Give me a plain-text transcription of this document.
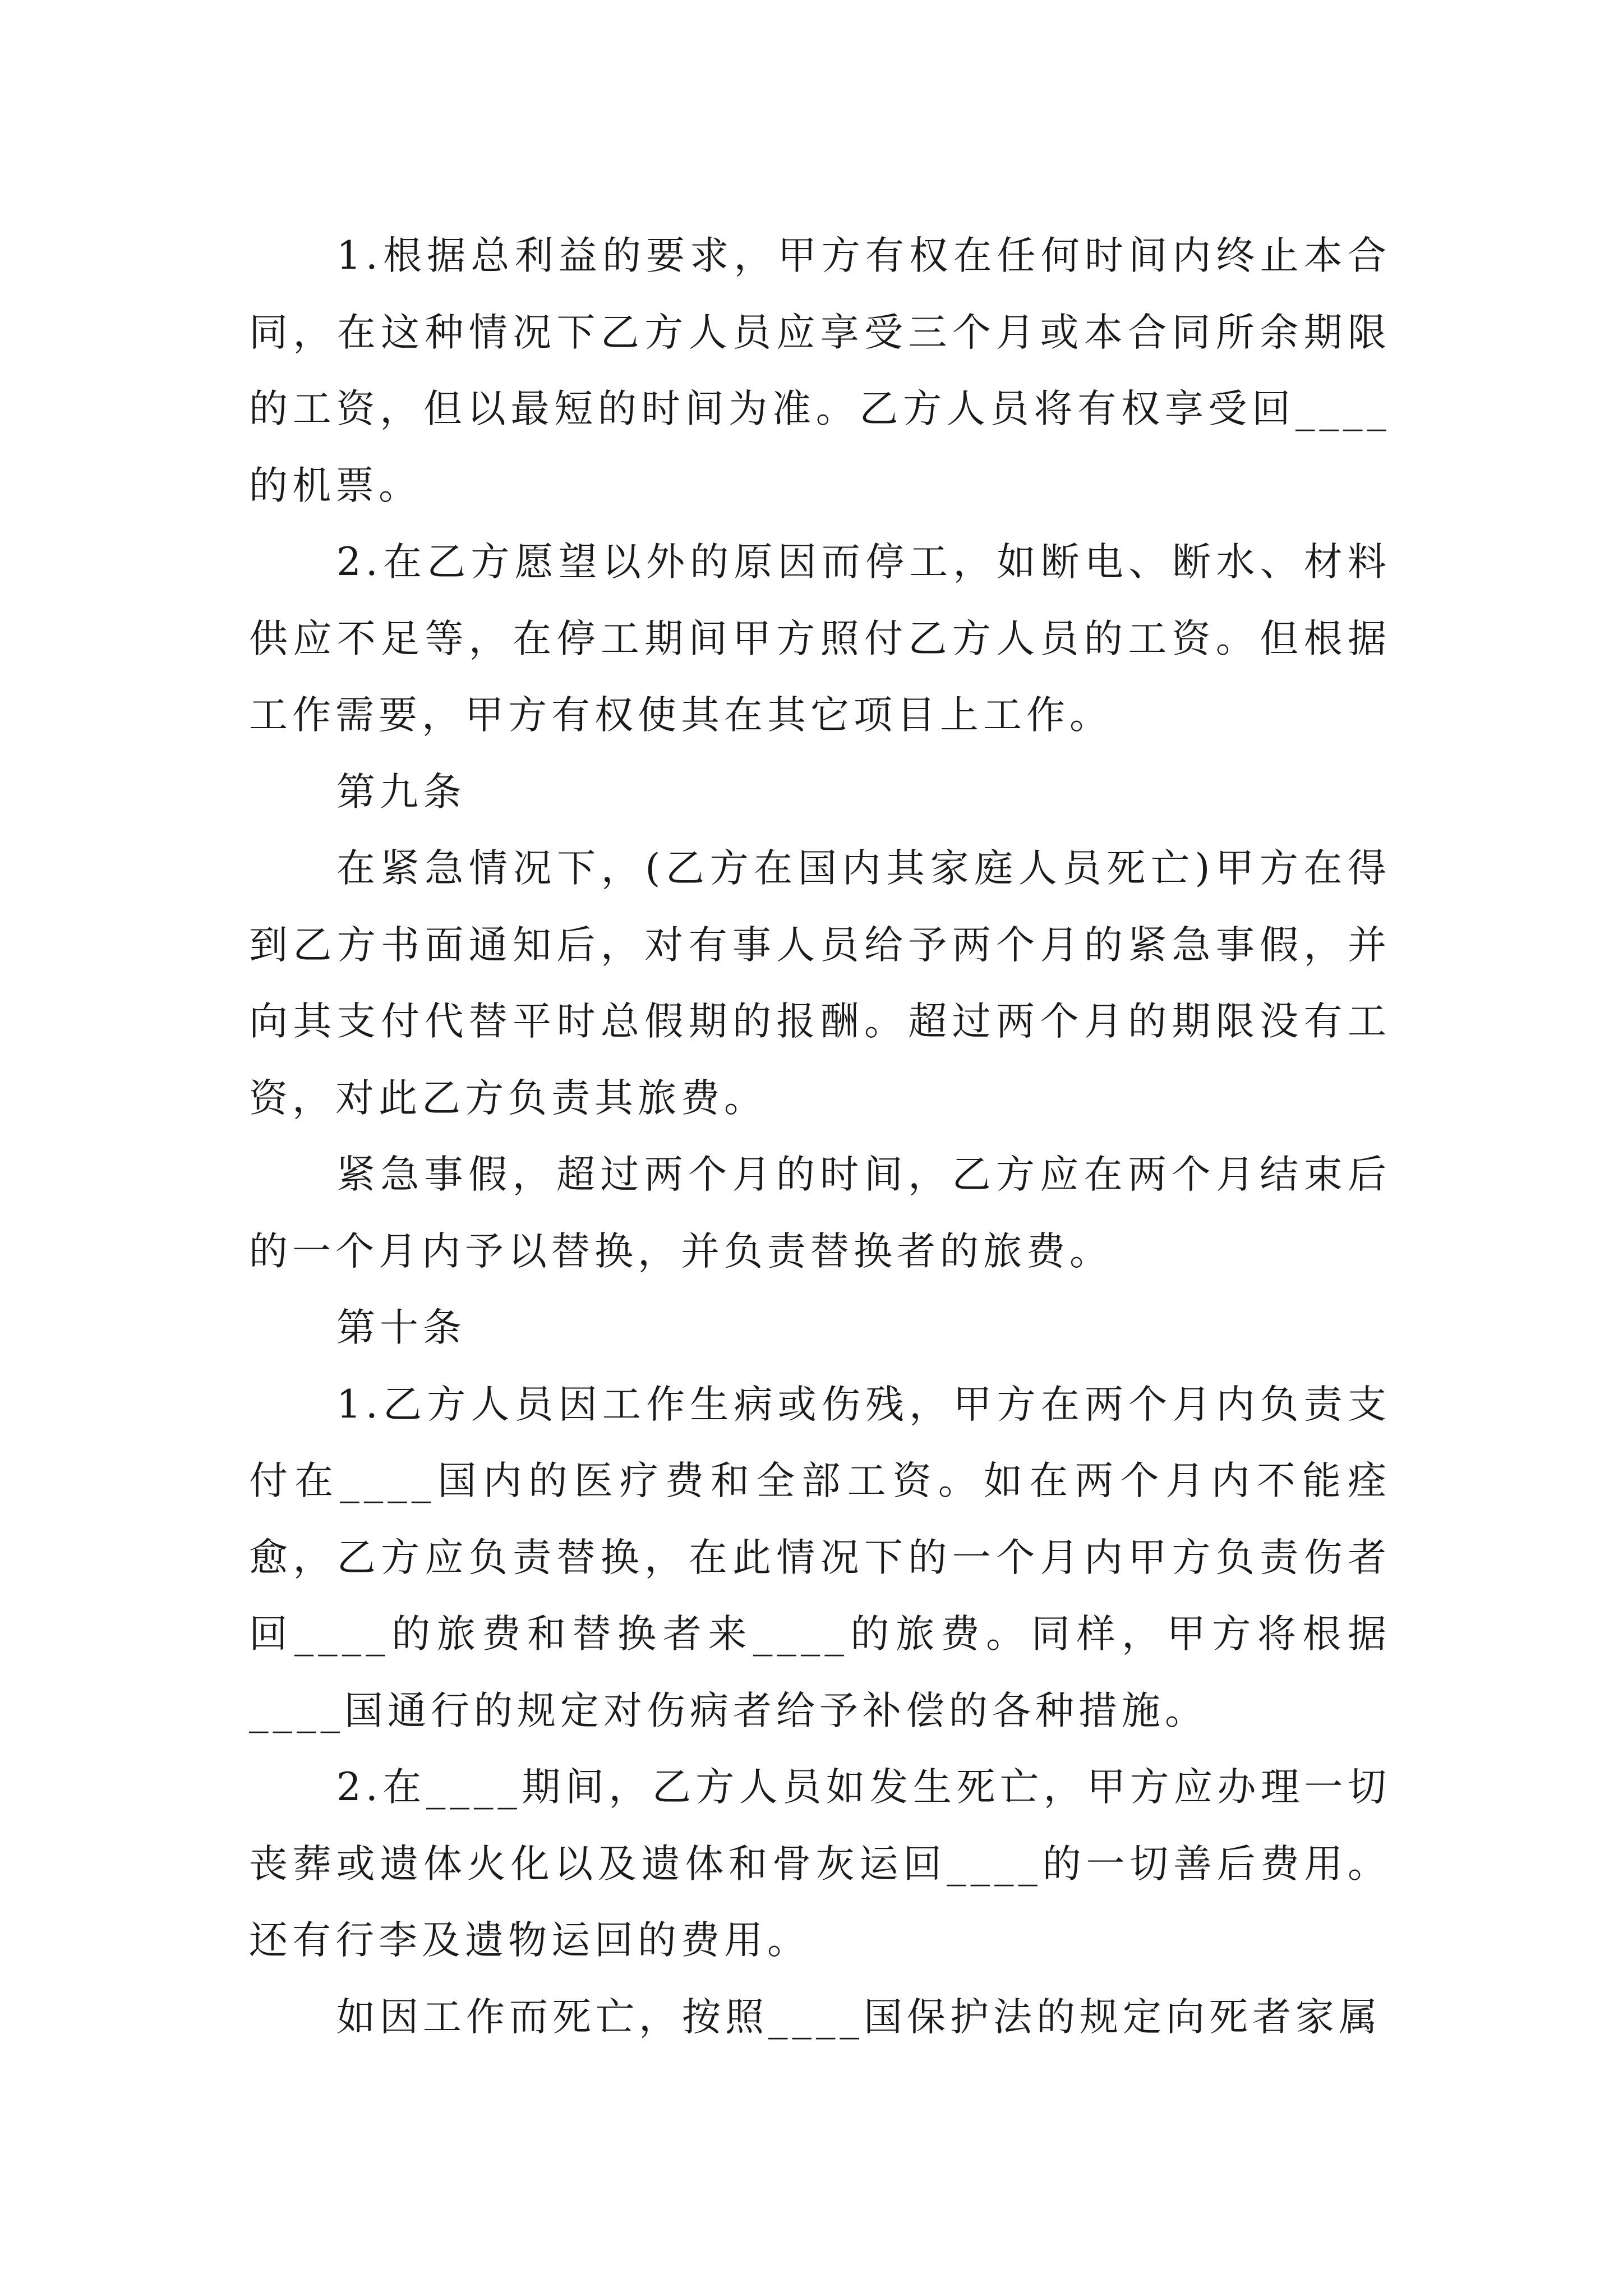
1.根据总利益的要求，甲方有权在任何时间内终止本合同，在这种情况下乙方人员应享受三个月或本合同所余期限的工资，但以最短的时间为准。乙方人员将有权享受回____的机票。

2.在乙方愿望以外的原因而停工，如断电、断水、材料供应不足等，在停工期间甲方照付乙方人员的工资。但根据工作需要，甲方有权使其在其它项目上工作。

第九条

在紧急情况下，(乙方在国内其家庭人员死亡)甲方在得到乙方书面通知后，对有事人员给予两个月的紧急事假，并向其支付代替平时总假期的报酬。超过两个月的期限没有工资，对此乙方负责其旅费。

紧急事假，超过两个月的时间，乙方应在两个月结束后的一个月内予以替换，并负责替换者的旅费。

第十条

1.乙方人员因工作生病或伤残，甲方在两个月内负责支付在____国内的医疗费和全部工资。如在两个月内不能痊愈，乙方应负责替换，在此情况下的一个月内甲方负责伤者回____的旅费和替换者来____的旅费。同样，甲方将根据____国通行的规定对伤病者给予补偿的各种措施。

2.在____期间，乙方人员如发生死亡，甲方应办理一切丧葬或遗体火化以及遗体和骨灰运回____的一切善后费用。还有行李及遗物运回的费用。

如因工作而死亡，按照____国保护法的规定向死者家属
